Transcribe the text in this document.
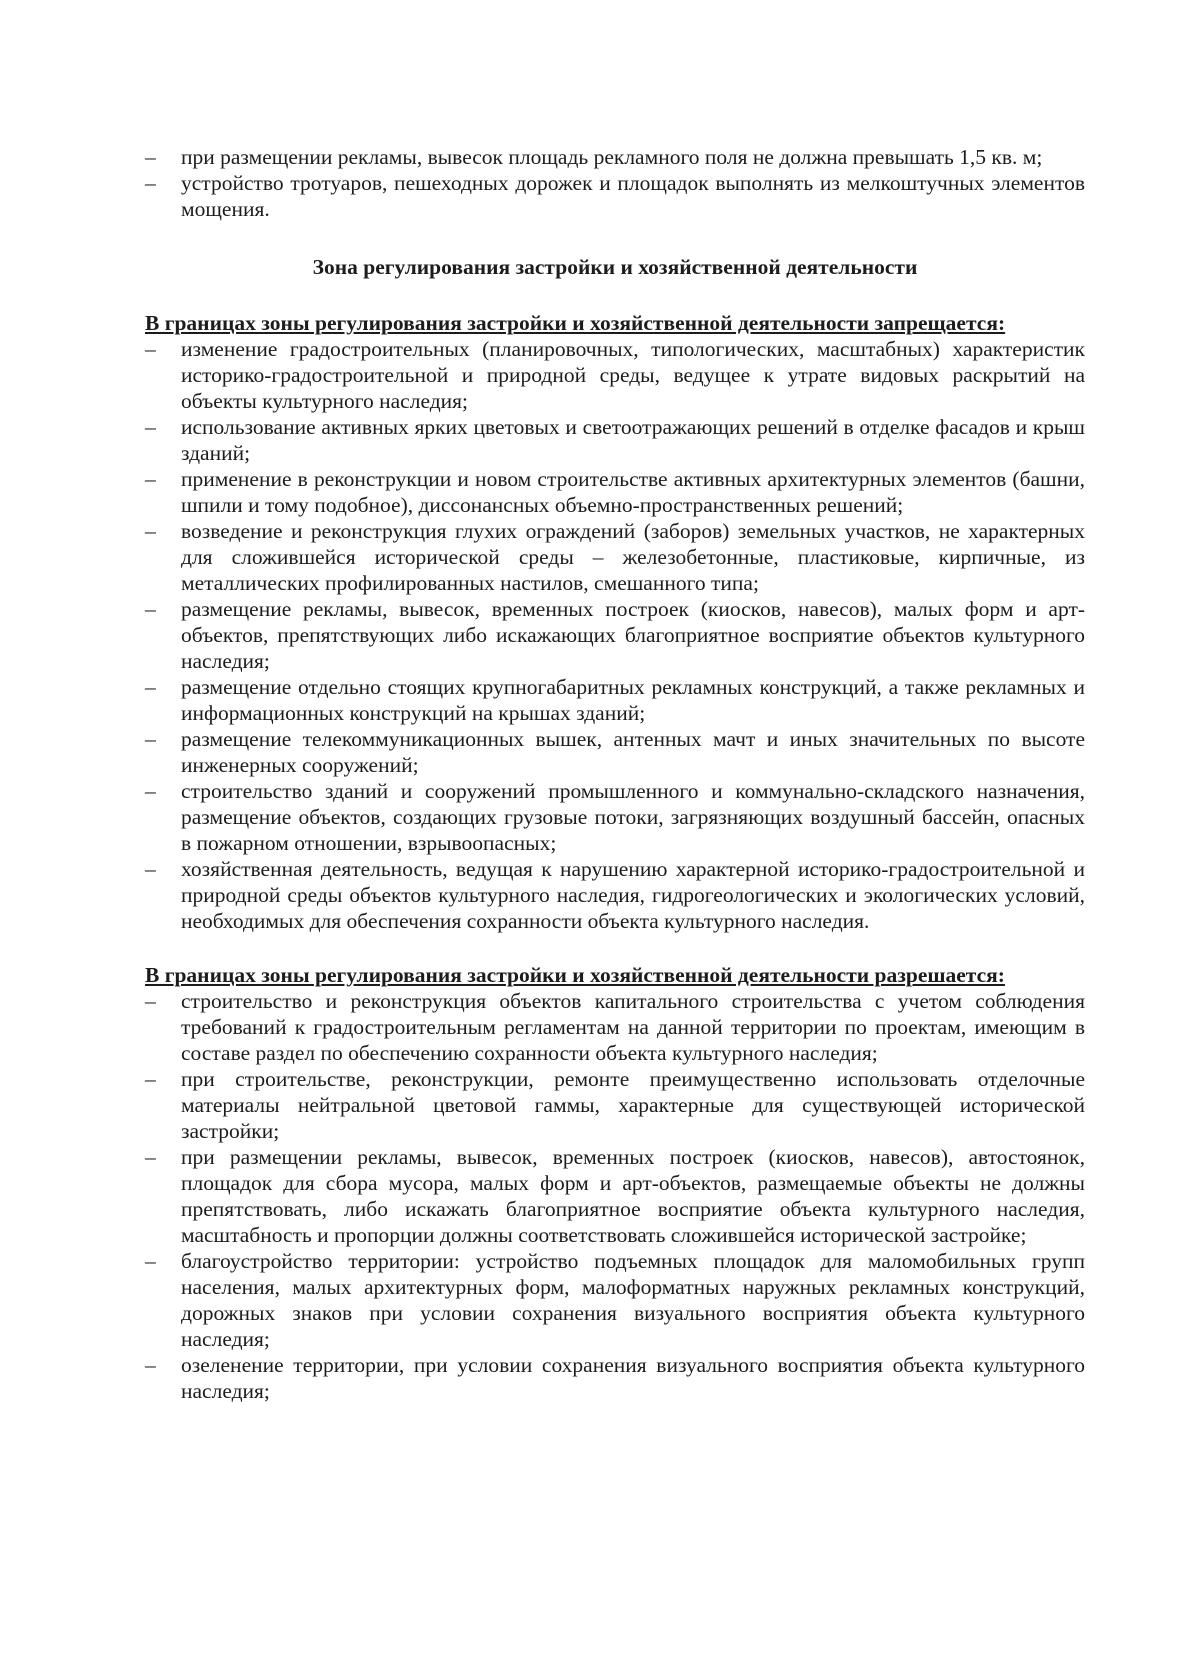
– при размещении рекламы, вывесок площадь рекламного поля не должна превышать 1,5 кв. м;
– устройство тротуаров, пешеходных дорожек и площадок выполнять из мелкоштучных элементов мощения.
Зона регулирования застройки и хозяйственной деятельности

В границах зоны регулирования застройки и хозяйственной деятельности запрещается:

– изменение градостроительных (планировочных, типологических, масштабных) характеристик историко-градостроительной и природной среды, ведущее к утрате видовых раскрытий на объекты культурного наследия;
– использование активных ярких цветовых и светоотражающих решений в отделке фасадов и крыш зданий;
– применение в реконструкции и новом строительстве активных архитектурных элементов (башни, шпили и тому подобное), диссонансных объемно-пространственных решений;
– возведение и реконструкция глухих ограждений (заборов) земельных участков, не характерных для сложившейся исторической среды – железобетонные, пластиковые, кирпичные, из металлических профилированных настилов, смешанного типа;
– размещение рекламы, вывесок, временных построек (киосков, навесов), малых форм и арт-объектов, препятствующих либо искажающих благоприятное восприятие объектов культурного наследия;
– размещение отдельно стоящих крупногабаритных рекламных конструкций, а также рекламных и информационных конструкций на крышах зданий;
– размещение телекоммуникационных вышек, антенных мачт и иных значительных по высоте инженерных сооружений;
– строительство зданий и сооружений промышленного и коммунально-складского назначения, размещение объектов, создающих грузовые потоки, загрязняющих воздушный бассейн, опасных в пожарном отношении, взрывоопасных;
– хозяйственная деятельность, ведущая к нарушению характерной историко-градостроительной и природной среды объектов культурного наследия, гидрогеологических и экологических условий, необходимых для обеспечения сохранности объекта культурного наследия.

В границах зоны регулирования застройки и хозяйственной деятельности разрешается:

– строительство и реконструкция объектов капитального строительства с учетом соблюдения требований к градостроительным регламентам на данной территории по проектам, имеющим в составе раздел по обеспечению сохранности объекта культурного наследия;
– при строительстве, реконструкции, ремонте преимущественно использовать отделочные материалы нейтральной цветовой гаммы, характерные для существующей исторической застройки;
– при размещении рекламы, вывесок, временных построек (киосков, навесов), автостоянок, площадок для сбора мусора, малых форм и арт-объектов, размещаемые объекты не должны препятствовать, либо искажать благоприятное восприятие объекта культурного наследия, масштабность и пропорции должны соответствовать сложившейся исторической застройке;
– благоустройство территории: устройство подъемных площадок для маломобильных групп населения, малых архитектурных форм, малоформатных наружных рекламных конструкций, дорожных знаков при условии сохранения визуального восприятия объекта культурного наследия;
– озеленение территории, при условии сохранения визуального восприятия объекта культурного наследия;
